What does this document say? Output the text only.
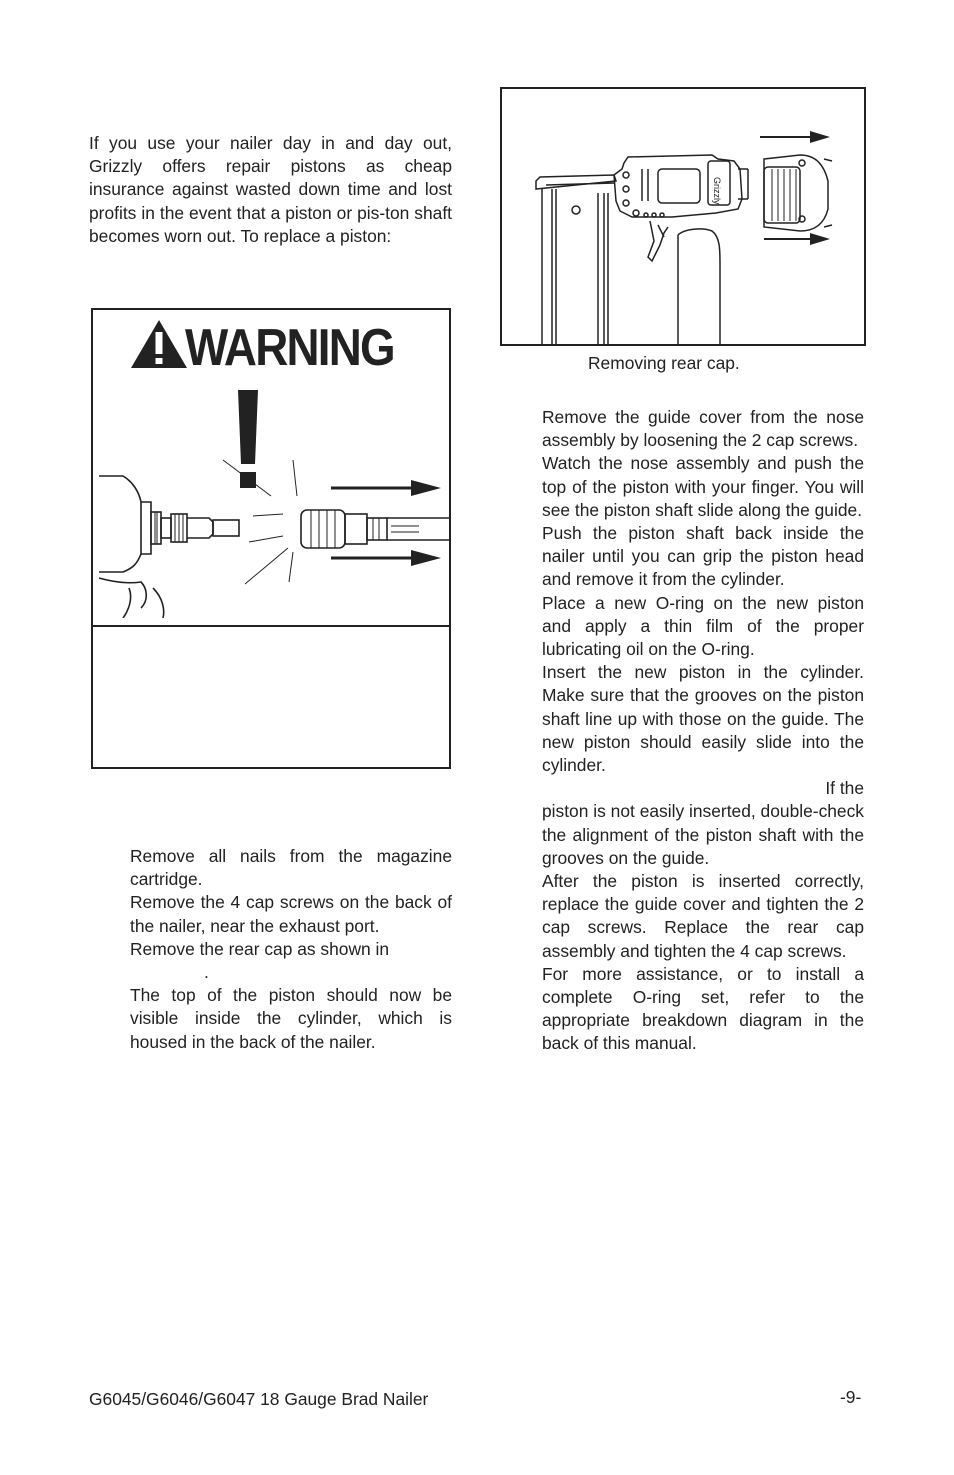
If you use your nailer day in and day out, Grizzly offers repair pistons as cheap insurance against wasted down time and lost profits in the event that a piston or pis-ton shaft becomes worn out. To replace a piston:

WARNING

Remove all nails from the magazine cartridge.

Remove the 4 cap screws on the back of the nailer, near the exhaust port.

Remove the rear cap as shown in

.

The top of the piston should now be visible inside the cylinder, which is housed in the back of the nailer.

Grizzly
Removing rear cap.

Remove the guide cover from the nose assembly by loosening the 2 cap screws.

Watch the nose assembly and push the top of the piston with your finger. You will see the piston shaft slide along the guide.

Push the piston shaft back inside the nailer until you can grip the piston head and remove it from the cylinder.

Place a new O-ring on the new piston and apply a thin film of the proper lubricating oil on the O-ring.

Insert the new piston in the cylinder. Make sure that the grooves on the piston shaft line up with those on the guide. The new piston should easily slide into the cylinder.

If the

piston is not easily inserted, double-check the alignment of the piston shaft with the grooves on the guide.

After the piston is inserted correctly, replace the guide cover and tighten the 2 cap screws. Replace the rear cap assembly and tighten the 4 cap screws.

For more assistance, or to install a complete O-ring set, refer to the appropriate breakdown diagram in the back of this manual.

G6045/G6046/G6047 18 Gauge Brad Nailer	-9-
